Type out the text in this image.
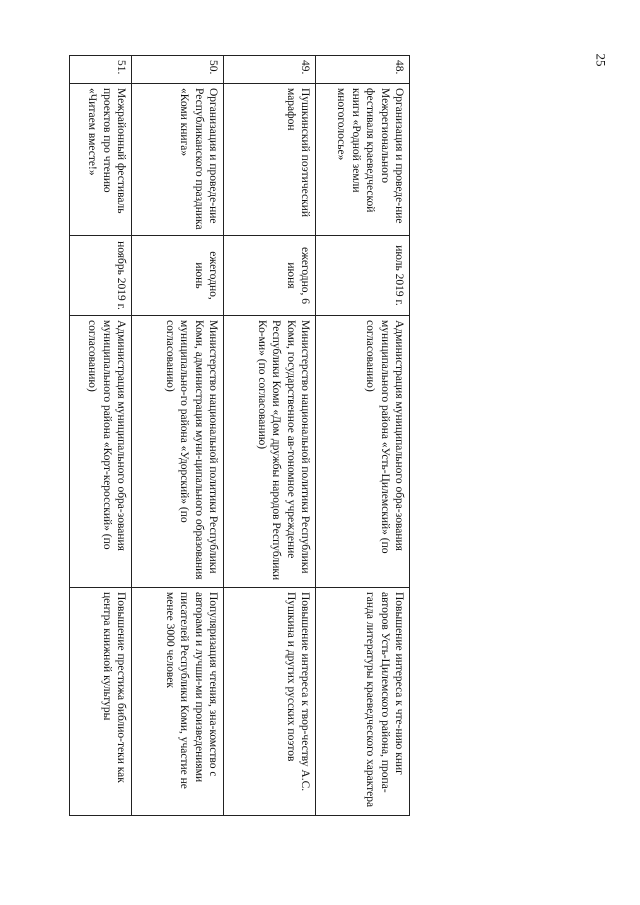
25
48.	Организация и проведе-ние Межрегионального фестиваля краеведческой книги «Родной земли многоголосье»	июль 2019 г.	Администрация муниципального обра-зования муниципального района «Усть-Цилемский» (по согласованию)	Повышение интереса к чте-нию книг авторов Усть-Цилемского района, пропа-ганда литературы краеведческого характера
49.	Пушкинский поэтический марафон	ежегодно, 6 июня	Министерство национальной политики Республики Коми, государственное ав-тономное учреждение Республики Коми «Дом дружбы народов Республики Ко-ми» (по согласованию)	Повышение интереса к твор-честву А.С. Пушкина и других русских поэтов
50.	Организация и проведе-ние Республиканского праздника «Коми книга»	ежегодно, июнь	Министерство национальной политики Республики Коми, администрация муни-ципального образования муниципально-го района «Удорский» (по согласованию)	Популяризация чтения, зна-комство с авторами и лучши-ми произведениями писателей Республики Коми, участие не менее 3000 человек
51.	Межрайонный фестиваль проектов про чтению «Читаем вместе!»	ноябрь 2019 г.	Администрация муниципального обра-зования муниципального района «Корт-керосский» (по согласованию)	Повышение престижа библио-теки как центра книжной культуры
